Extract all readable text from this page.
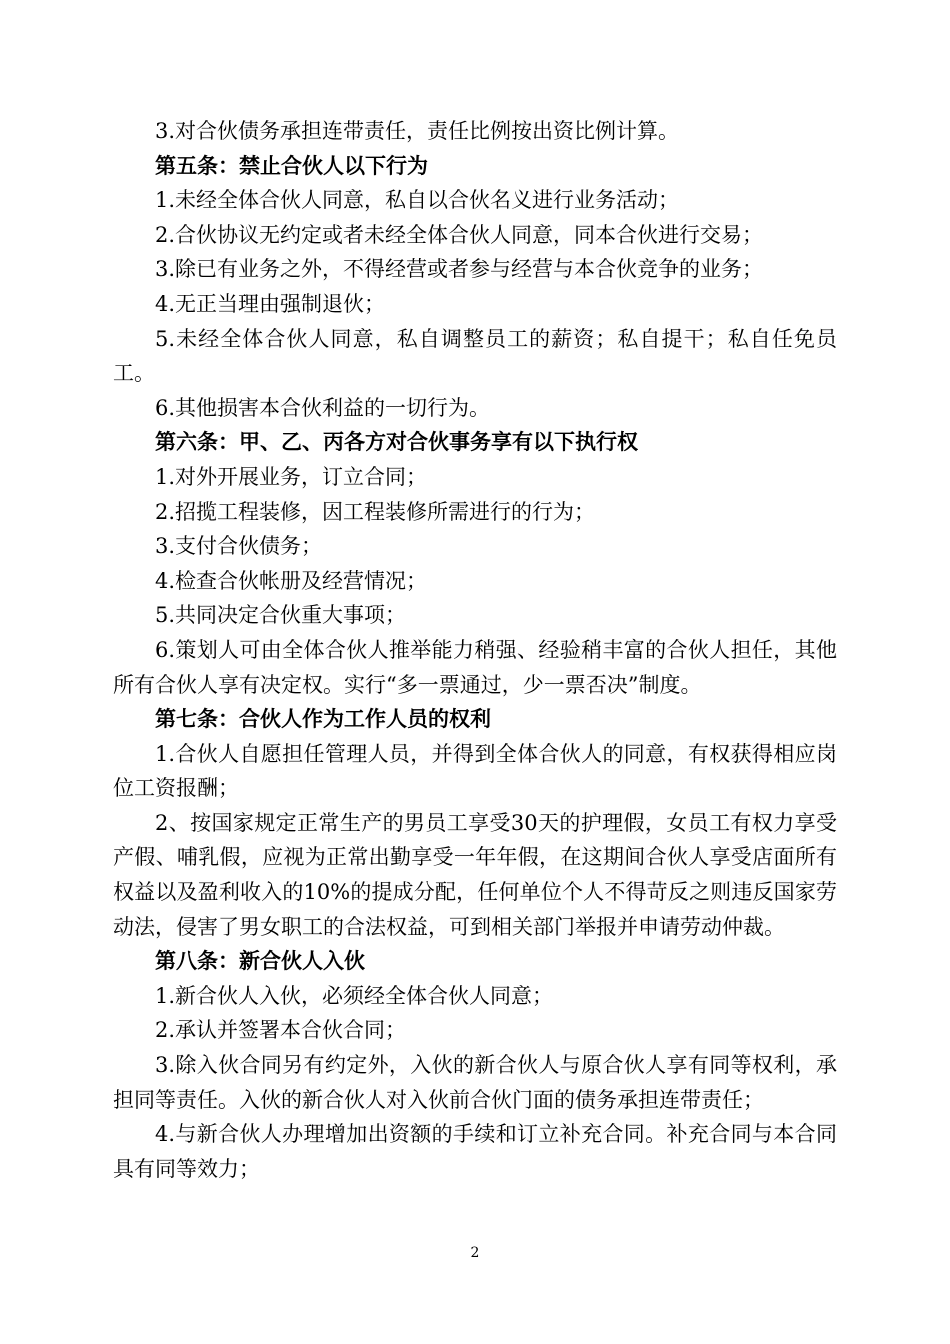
3.对合伙债务承担连带责任，责任比例按出资比例计算。

第五条：禁止合伙人以下行为

1.未经全体合伙人同意，私自以合伙名义进行业务活动；

2.合伙协议无约定或者未经全体合伙人同意，同本合伙进行交易；

3.除已有业务之外，不得经营或者参与经营与本合伙竞争的业务；

4.无正当理由强制退伙；

5.未经全体合伙人同意，私自调整员工的薪资；私自提干；私自任免员工。

6.其他损害本合伙利益的一切行为。

第六条：甲、乙、丙各方对合伙事务享有以下执行权

1.对外开展业务，订立合同；

2.招揽工程装修，因工程装修所需进行的行为；

3.支付合伙债务；

4.检查合伙帐册及经营情况；

5.共同决定合伙重大事项；

6.策划人可由全体合伙人推举能力稍强、经验稍丰富的合伙人担任，其他所有合伙人享有决定权。实行“多一票通过，少一票否决”制度。

第七条：合伙人作为工作人员的权利

1.合伙人自愿担任管理人员，并得到全体合伙人的同意，有权获得相应岗位工资报酬；

2、按国家规定正常生产的男员工享受30天的护理假，女员工有权力享受产假、哺乳假，应视为正常出勤享受一年年假，在这期间合伙人享受店面所有权益以及盈利收入的10%的提成分配，任何单位个人不得苛反之则违反国家劳动法，侵害了男女职工的合法权益，可到相关部门举报并申请劳动仲裁。

第八条：新合伙人入伙

1.新合伙人入伙，必须经全体合伙人同意；

2.承认并签署本合伙合同；

3.除入伙合同另有约定外，入伙的新合伙人与原合伙人享有同等权利，承担同等责任。入伙的新合伙人对入伙前合伙门面的债务承担连带责任；

4.与新合伙人办理增加出资额的手续和订立补充合同。补充合同与本合同具有同等效力；

2
